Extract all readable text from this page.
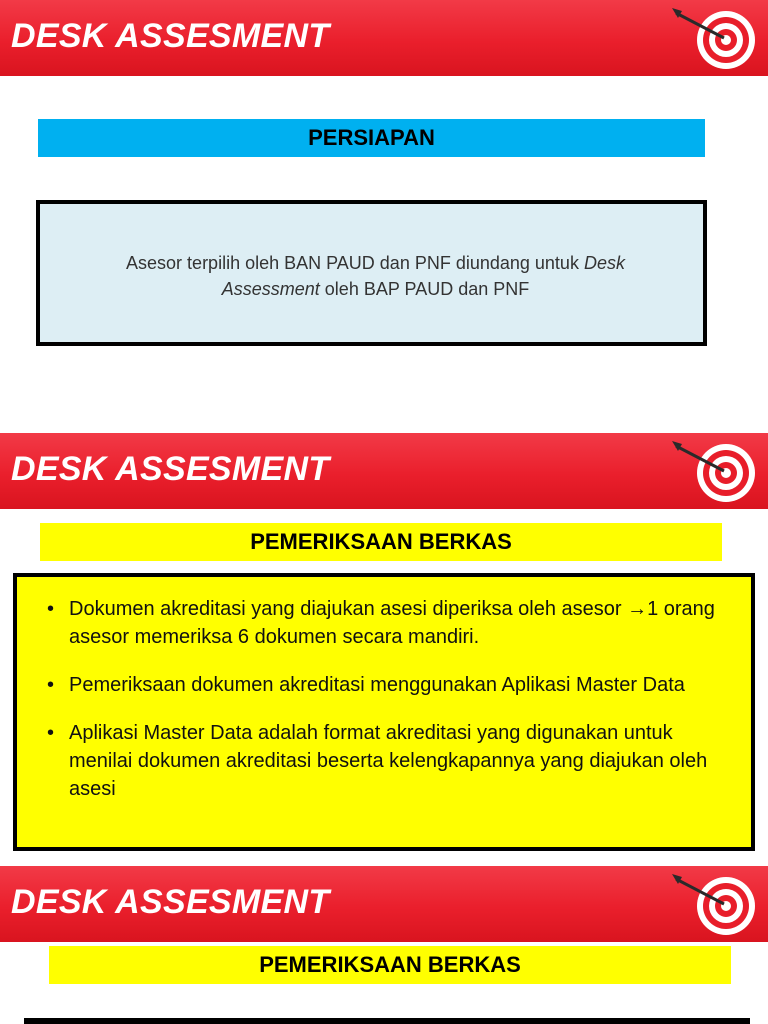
DESK ASSESMENT
PERSIAPAN
Asesor terpilih oleh BAN PAUD dan PNF diundang untuk Desk Assessment oleh BAP PAUD dan PNF
DESK ASSESMENT
PEMERIKSAAN BERKAS
• Dokumen akreditasi yang diajukan asesi diperiksa oleh asesor →1 orang asesor memeriksa 6 dokumen secara mandiri.
• Pemeriksaan dokumen akreditasi menggunakan Aplikasi Master Data
• Aplikasi Master Data adalah format akreditasi yang digunakan untuk menilai dokumen akreditasi beserta kelengkapannya yang diajukan oleh asesi
DESK ASSESMENT
PEMERIKSAAN BERKAS
